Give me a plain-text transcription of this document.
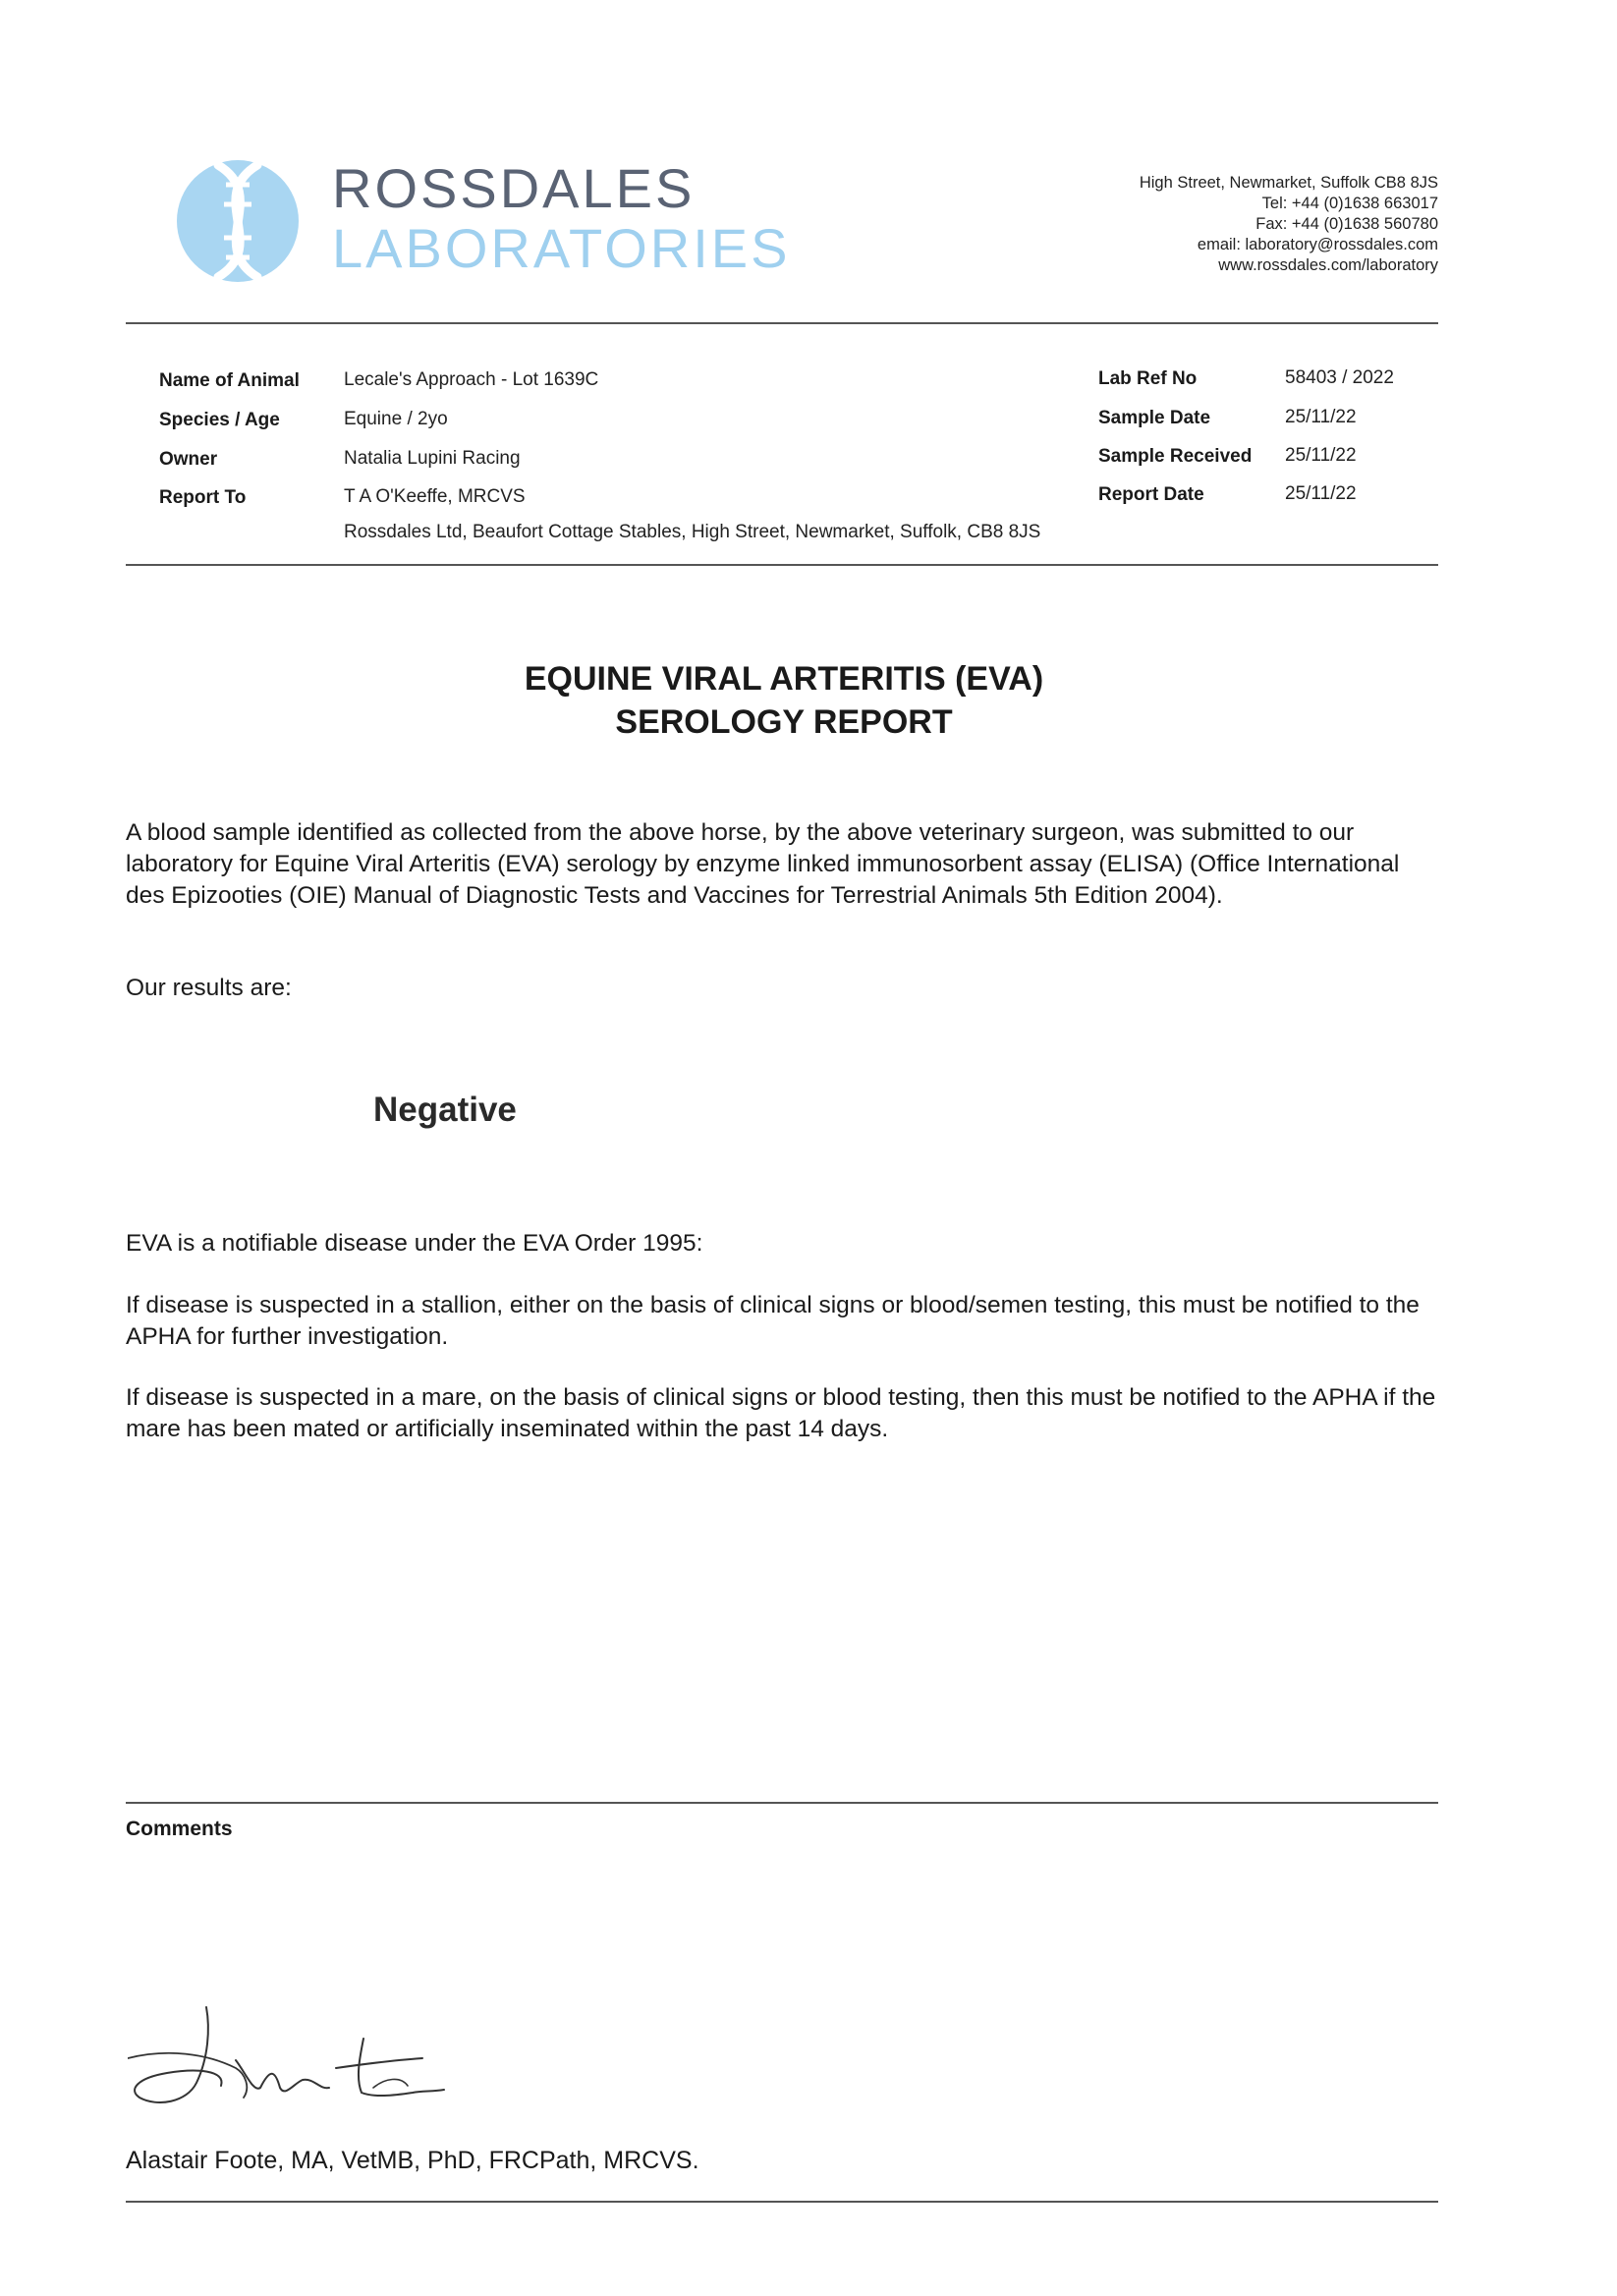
ROSSDALES
LABORATORIES
High Street, Newmarket, Suffolk CB8 8JS
Tel: +44 (0)1638 663017
Fax: +44 (0)1638 560780
email: laboratory@rossdales.com
www.rossdales.com/laboratory
Name of Animal Lecale's Approach - Lot 1639C
Species / Age	Equine / 2yo
Owner	Natalia Lupini Racing
Report To	T A O'Keeffe, MRCVS
Rossdales Ltd, Beaufort Cottage Stables, High Street, Newmarket, Suffolk, CB8 8JS
Lab Ref No	58403 / 2022
Sample Date	25/11/22
Sample Received 25/11/22
Report Date	25/11/22
EQUINE VIRAL ARTERITIS (EVA)
SEROLOGY REPORT
A blood sample identified as collected from the above horse, by the above veterinary surgeon, was submitted to our laboratory for Equine Viral Arteritis (EVA) serology by enzyme linked immunosorbent assay (ELISA) (Office International des Epizooties (OIE) Manual of Diagnostic Tests and Vaccines for Terrestrial Animals 5th Edition 2004).
Our results are:
Negative
EVA is a notifiable disease under the EVA Order 1995:
If disease is suspected in a stallion, either on the basis of clinical signs or blood/semen testing, this must be notified to the APHA for further investigation.
If disease is suspected in a mare, on the basis of clinical signs or blood testing, then this must be notified to the APHA if the mare has been mated or artificially inseminated within the past 14 days.
Comments
Alastair Foote, MA, VetMB, PhD, FRCPath, MRCVS.
